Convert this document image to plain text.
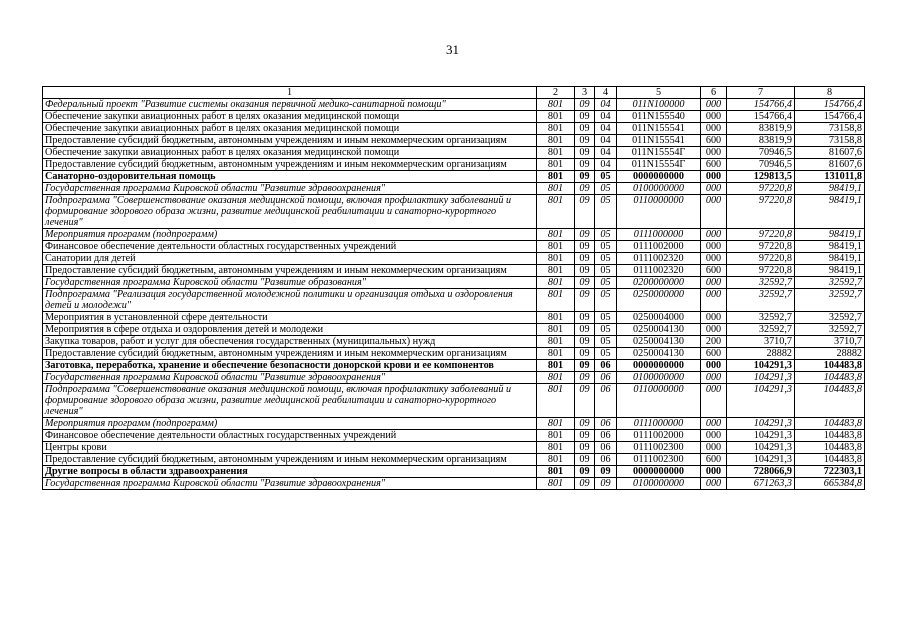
31
1	2	3	4	5	6	7	8
Федеральный проект "Развитие системы оказания первичной медико-санитарной помощи"	801	09	04	011N100000	000	154766,4	154766,4
Обеспечение закупки авиационных работ в целях оказания медицинской помощи	801	09	04	011N155540	000	154766,4	154766,4
Обеспечение закупки авиационных работ в целях оказания медицинской помощи	801	09	04	011N155541	000	83819,9	73158,8
Предоставление субсидий бюджетным, автономным учреждениям и иным некоммерческим организациям	801	09	04	011N155541	600	83819,9	73158,8
Обеспечение закупки авиационных работ в целях оказания медицинской помощи	801	09	04	011N15554Г	000	70946,5	81607,6
Предоставление субсидий бюджетным, автономным учреждениям и иным некоммерческим организациям	801	09	04	011N15554Г	600	70946,5	81607,6
Санаторно-оздоровительная помощь	801	09	05	0000000000	000	129813,5	131011,8
Государственная программа Кировской области "Развитие здравоохранения"	801	09	05	0100000000	000	97220,8	98419,1
Подпрограмма "Совершенствование оказания медицинской помощи, включая профилактику заболеваний и формирование здорового образа жизни, развитие медицинской реабилитации и санаторно-курортного лечения"	801	09	05	0110000000	000	97220,8	98419,1
Мероприятия программ (подпрограмм)	801	09	05	0111000000	000	97220,8	98419,1
Финансовое обеспечение деятельности областных государственных учреждений	801	09	05	0111002000	000	97220,8	98419,1
Санатории для детей	801	09	05	0111002320	000	97220,8	98419,1
Предоставление субсидий бюджетным, автономным учреждениям и иным некоммерческим организациям	801	09	05	0111002320	600	97220,8	98419,1
Государственная программа Кировской области "Развитие образования"	801	09	05	0200000000	000	32592,7	32592,7
Подпрограмма "Реализация государственной молодежной политики и организация отдыха и оздоровления детей и молодежи"	801	09	05	0250000000	000	32592,7	32592,7
Мероприятия в установленной сфере деятельности	801	09	05	0250004000	000	32592,7	32592,7
Мероприятия в сфере отдыха и оздоровления детей и молодежи	801	09	05	0250004130	000	32592,7	32592,7
Закупка товаров, работ и услуг для обеспечения государственных (муниципальных) нужд	801	09	05	0250004130	200	3710,7	3710,7
Предоставление субсидий бюджетным, автономным учреждениям и иным некоммерческим организациям	801	09	05	0250004130	600	28882	28882
Заготовка, переработка, хранение и обеспечение безопасности донорской крови и ее компонентов	801	09	06	0000000000	000	104291,3	104483,8
Государственная программа Кировской области "Развитие здравоохранения"	801	09	06	0100000000	000	104291,3	104483,8
Подпрограмма "Совершенствование оказания медицинской помощи, включая профилактику заболеваний и формирование здорового образа жизни, развитие медицинской реабилитации и санаторно-курортного лечения"	801	09	06	0110000000	000	104291,3	104483,8
Мероприятия программ (подпрограмм)	801	09	06	0111000000	000	104291,3	104483,8
Финансовое обеспечение деятельности областных государственных учреждений	801	09	06	0111002000	000	104291,3	104483,8
Центры крови	801	09	06	0111002300	000	104291,3	104483,8
Предоставление субсидий бюджетным, автономным учреждениям и иным некоммерческим организациям	801	09	06	0111002300	600	104291,3	104483,8
Другие вопросы в области здравоохранения	801	09	09	0000000000	000	728066,9	722303,1
Государственная программа Кировской области "Развитие здравоохранения"	801	09	09	0100000000	000	671263,3	665384,8
